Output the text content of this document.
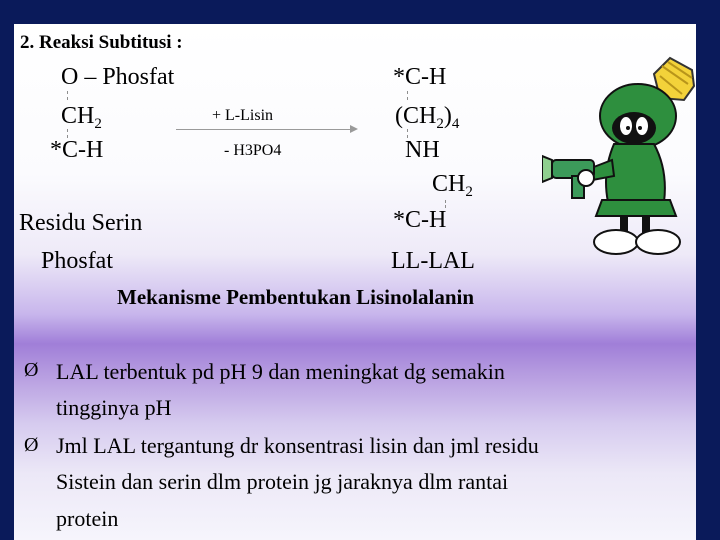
2. Reaksi Subtitusi :
O – Phosfat
$CH_2$
*C-H
+ L-Lisin
- H3PO4
*C-H
$(CH_2)_4$
NH
$CH_2$
*C-H
Residu Serin
Phosfat	LL-LAL
Mekanisme Pembentukan Lisinolalanin
Ø LAL terbentuk pd pH 9 dan meningkat dg semakin
tingginya pH
Ø Jml LAL tergantung dr konsentrasi lisin dan jml residu
Sistein dan serin dlm protein jg jaraknya dlm rantai
protein
